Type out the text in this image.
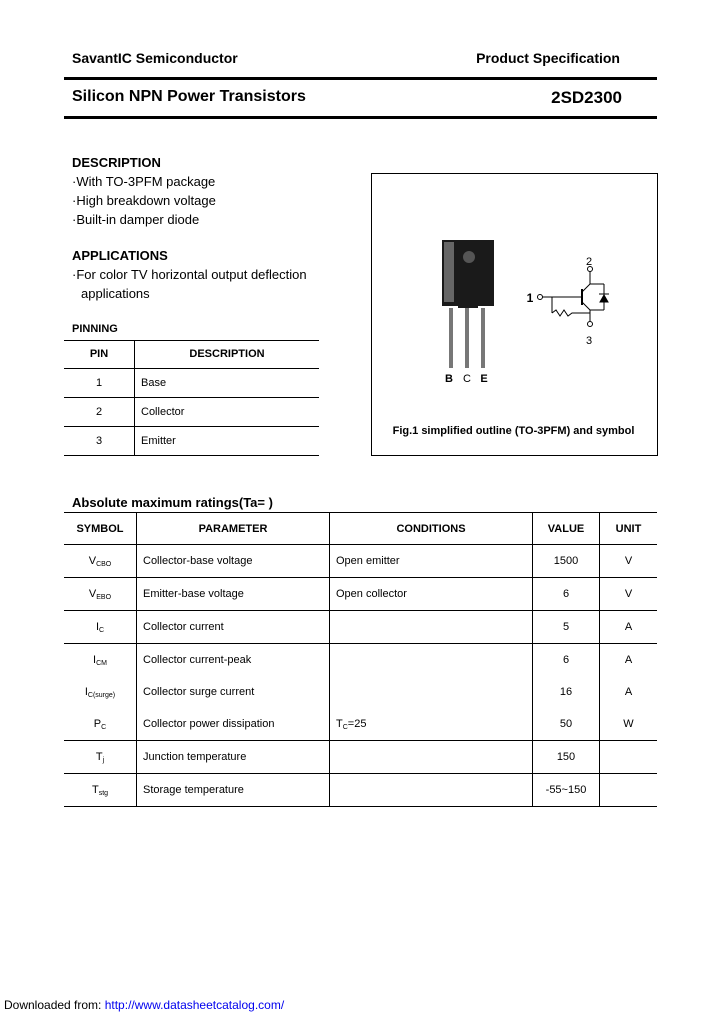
SavantIC Semiconductor	Product Specification
Silicon NPN Power Transistors	2SD2300
DESCRIPTION
·With TO-3PFM package
·High breakdown voltage
·Built-in damper diode
APPLICATIONS
·For color TV horizontal output deflection
applications
PINNING
PIN	DESCRIPTION
1	Base
2	Collector
3	Emitter
B C E
2
1
3
Fig.1 simplified outline (TO-3PFM) and symbol
Absolute maximum ratings(Ta= )
SYMBOL	PARAMETER	CONDITIONS	VALUE	UNIT
$V_{CBO}$	Collector-base voltage	Open emitter	1500	V
$V_{EBO}$	Emitter-base voltage	Open collector	6	V
$I_C$	Collector current		5	A
$I_{CM}$	Collector current-peak		6	A
$I_{C(surge)}$	Collector surge current		16	A
$P_C$	Collector power dissipation	$T_C=25$	50	W
$T_j$	Junction temperature		150	
$T_{stg}$	Storage temperature		-55~150	
Downloaded from: http://www.datasheetcatalog.com/
